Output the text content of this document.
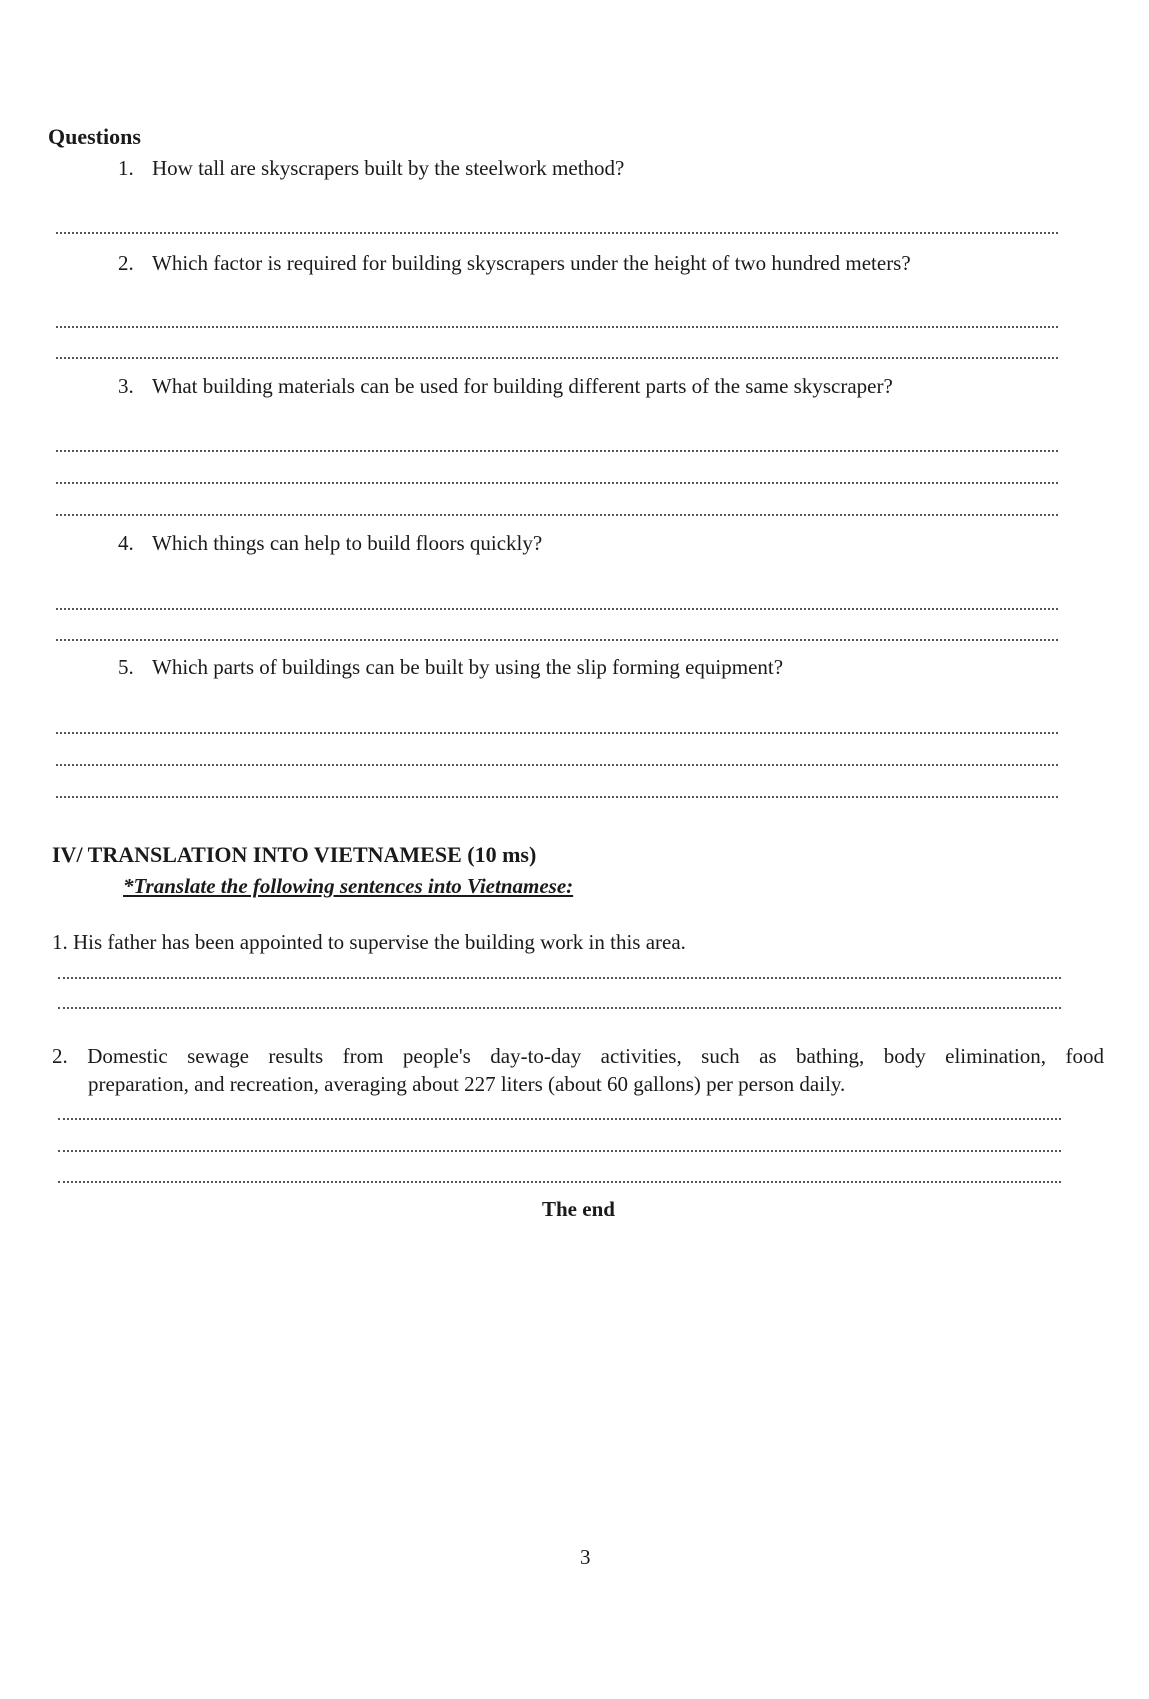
Questions
1. How tall are skyscrapers built by the steelwork method?
2. Which factor is required for building skyscrapers under the height of two hundred meters?
3. What building materials can be used for building different parts of the same skyscraper?
4. Which things can help to build floors quickly?
5. Which parts of buildings can be built by using the slip forming equipment?
IV/ TRANSLATION INTO VIETNAMESE (10 ms)
*Translate the following sentences into Vietnamese:
1. His father has been appointed to supervise the building work in this area.
2. Domestic sewage results from people's day-to-day activities, such as bathing, body elimination, food
preparation, and recreation, averaging about 227 liters (about 60 gallons) per person daily.
The end
3
